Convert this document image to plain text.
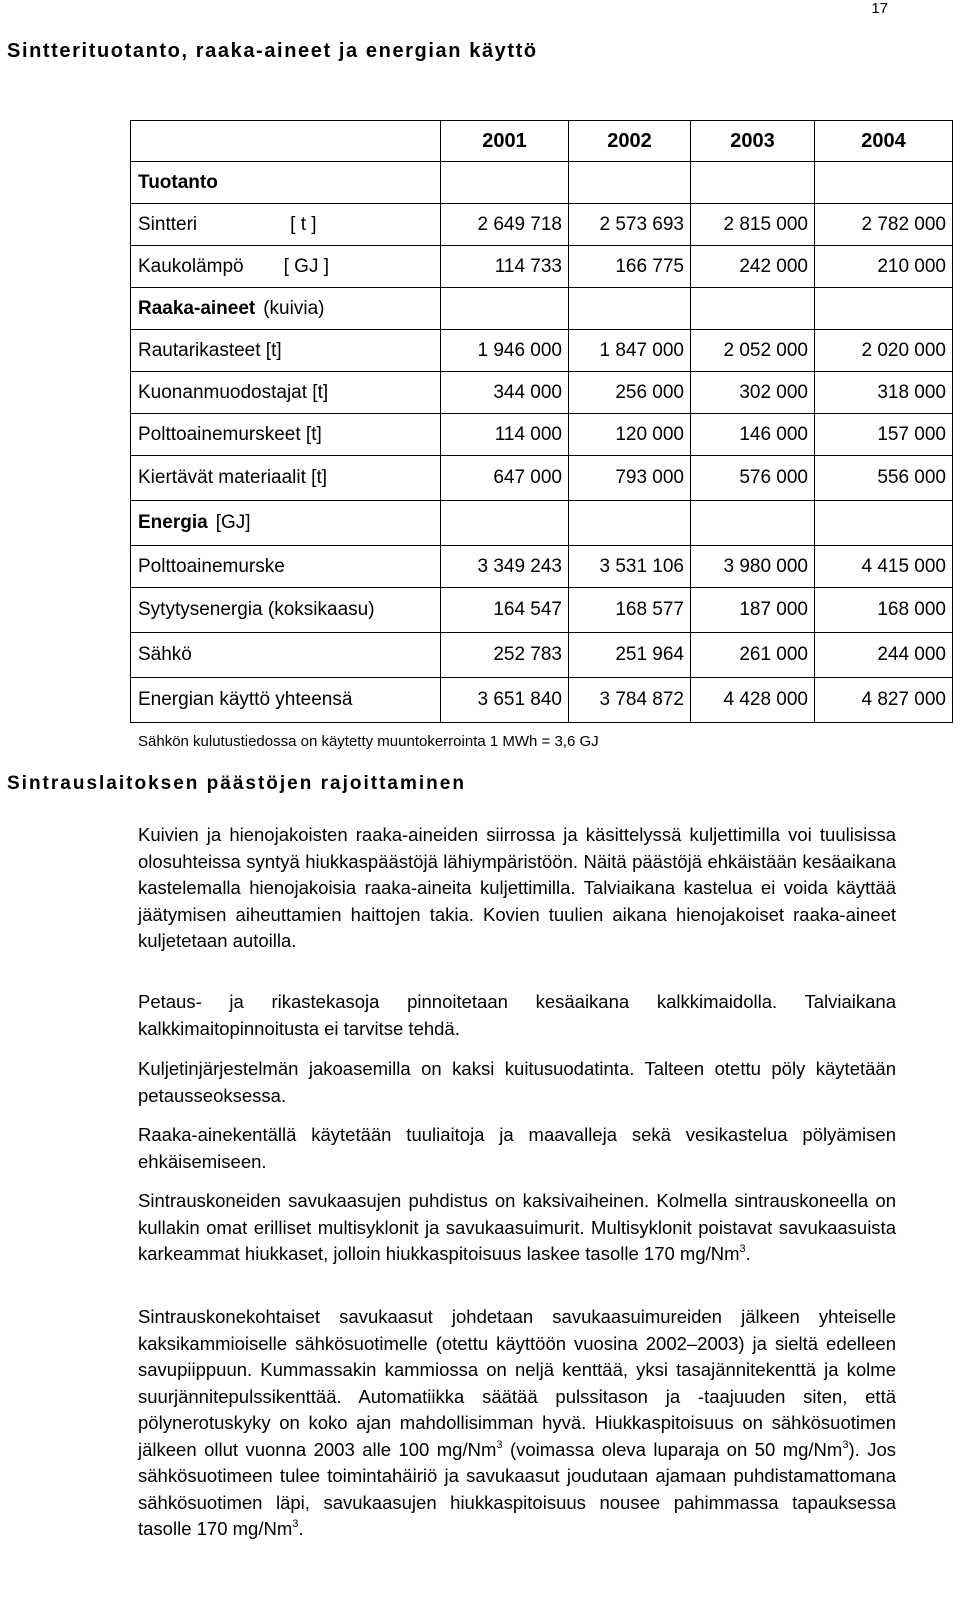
17
Sintterituotanto, raaka-aineet ja energian käyttö
	2001	2002	2003	2004
Tuotanto				
Sintteri [ t ]	2 649 718	2 573 693	2 815 000	2 782 000
Kaukolämpö [ GJ ]	114 733	166 775	242 000	210 000
Raaka-aineet (kuivia)				
Rautarikasteet [t]	1 946 000	1 847 000	2 052 000	2 020 000
Kuonanmuodostajat [t]	344 000	256 000	302 000	318 000
Polttoainemurskeet [t]	114 000	120 000	146 000	157 000
Kiertävät materiaalit [t]	647 000	793 000	576 000	556 000
Energia [GJ]				
Polttoainemurske	3 349 243	3 531 106	3 980 000	4 415 000
Sytytysenergia (koksikaasu)	164 547	168 577	187 000	168 000
Sähkö	252 783	251 964	261 000	244 000
Energian käyttö yhteensä	3 651 840	3 784 872	4 428 000	4 827 000
Sähkön kulutustiedossa on käytetty muuntokerrointa 1 MWh = 3,6 GJ
Sintrauslaitoksen päästöjen rajoittaminen

Kuivien ja hienojakoisten raaka-aineiden siirrossa ja käsittelyssä kuljettimilla voi tuulisissa olosuhteissa syntyä hiukkaspäästöjä lähiympäristöön. Näitä päästöjä ehkäistään kesäaikana kastelemalla hienojakoisia raaka-aineita kuljettimilla. Talviaikana kastelua ei voida käyttää jäätymisen aiheuttamien haittojen takia. Kovien tuulien aikana hienojakoiset raaka-aineet kuljetetaan autoilla.

Petaus- ja rikastekasoja pinnoitetaan kesäaikana kalkkimaidolla. Talviaikana kalkkimaitopinnoitusta ei tarvitse tehdä.

Kuljetinjärjestelmän jakoasemilla on kaksi kuitusuodatinta. Talteen otettu pöly käytetään petausseoksessa.

Raaka-ainekentällä käytetään tuuliaitoja ja maavalleja sekä vesikastelua pölyämisen ehkäisemiseen.

Sintrauskoneiden savukaasujen puhdistus on kaksivaiheinen. Kolmella sintrauskoneella on kullakin omat erilliset multisyklonit ja savukaasuimurit. Multisyklonit poistavat savukaasuista karkeammat hiukkaset, jolloin hiukkaspitoisuus laskee tasolle 170 mg/Nm$^3$.

Sintrauskonekohtaiset savukaasut johdetaan savukaasuimureiden jälkeen yhteiselle kaksikammioiselle sähkösuotimelle (otettu käyttöön vuosina 2002–2003) ja sieltä edelleen savupiippuun. Kummassakin kammiossa on neljä kenttää, yksi tasajännitekenttä ja kolme suurjännitepulssikenttää. Automatiikka säätää pulssitason ja -taajuuden siten, että pölynerotuskyky on koko ajan mahdollisimman hyvä. Hiukkaspitoisuus on sähkösuotimen jälkeen ollut vuonna 2003 alle 100 mg/Nm$^3$ (voimassa oleva luparaja on 50 mg/Nm$^3$). Jos sähkösuotimeen tulee toimintahäiriö ja savukaasut joudutaan ajamaan puhdistamattomana sähkösuotimen läpi, savukaasujen hiukkaspitoisuus nousee pahimmassa tapauksessa tasolle 170 mg/Nm$^3$.
